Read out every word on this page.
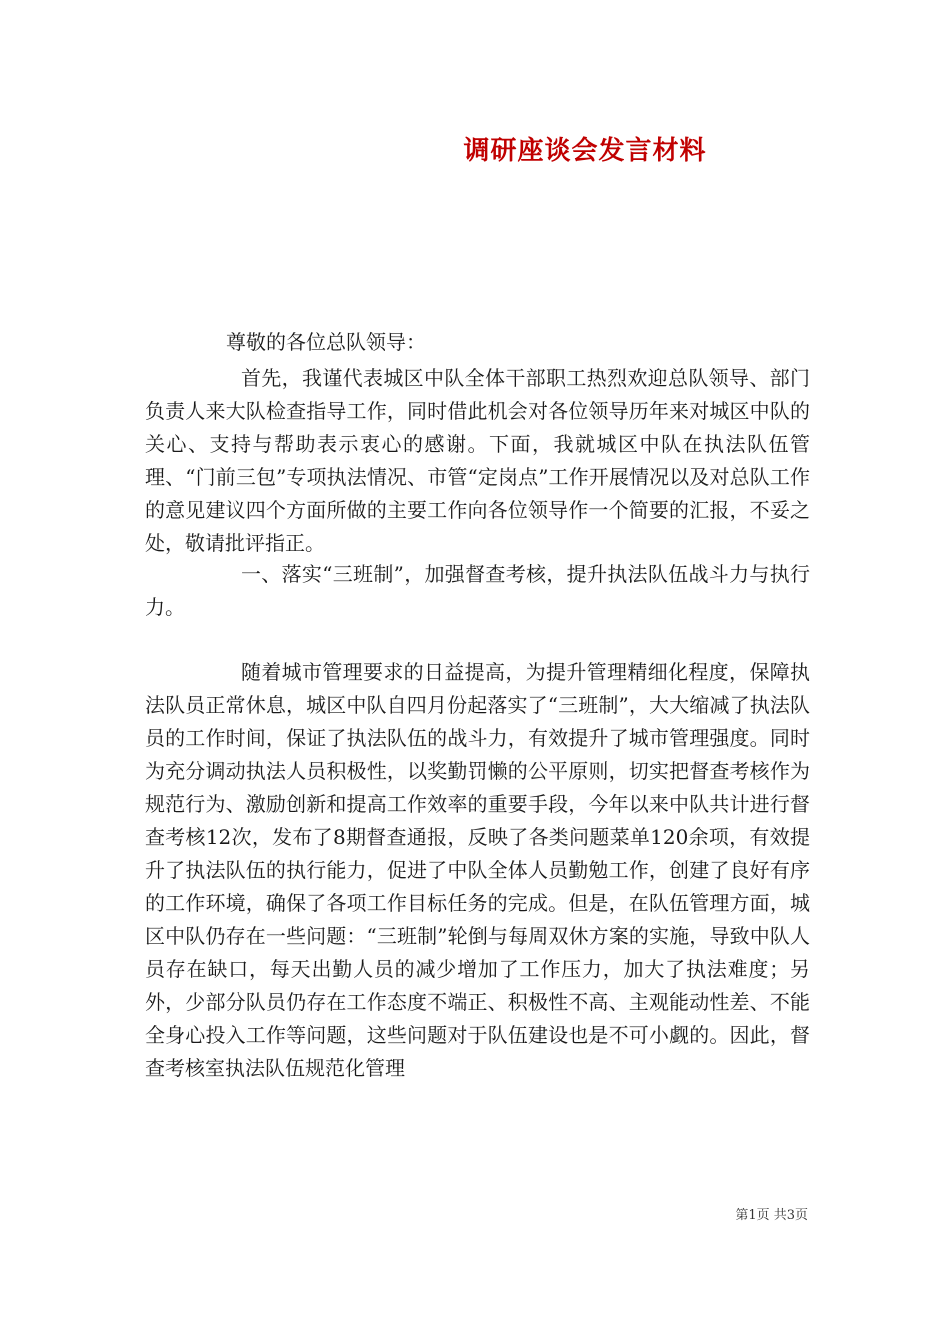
调研座谈会发言材料
尊敬的各位总队领导：

首先，我谨代表城区中队全体干部职工热烈欢迎总队领导、部门负责人来大队检查指导工作，同时借此机会对各位领导历年来对城区中队的关心、支持与帮助表示衷心的感谢。下面，我就城区中队在执法队伍管理、“门前三包”专项执法情况、市管“定岗点”工作开展情况以及对总队工作的意见建议四个方面所做的主要工作向各位领导作一个简要的汇报，不妥之处，敬请批评指正。

一、落实“三班制”，加强督查考核，提升执法队伍战斗力与执行力。

随着城市管理要求的日益提高，为提升管理精细化程度，保障执法队员正常休息，城区中队自四月份起落实了“三班制”，大大缩减了执法队员的工作时间，保证了执法队伍的战斗力，有效提升了城市管理强度。同时为充分调动执法人员积极性，以奖勤罚懒的公平原则，切实把督查考核作为规范行为、激励创新和提高工作效率的重要手段，今年以来中队共计进行督查考核12次，发布了8期督查通报，反映了各类问题菜单120余项，有效提升了执法队伍的执行能力，促进了中队全体人员勤勉工作，创建了良好有序的工作环境，确保了各项工作目标任务的完成。但是，在队伍管理方面，城区中队仍存在一些问题：“三班制”轮倒与每周双休方案的实施，导致中队人员存在缺口，每天出勤人员的减少增加了工作压力，加大了执法难度；另外，少部分队员仍存在工作态度不端正、积极性不高、主观能动性差、不能全身心投入工作等问题，这些问题对于队伍建设也是不可小觑的。因此，督查考核室执法队伍规范化管理

第1页 共3页
